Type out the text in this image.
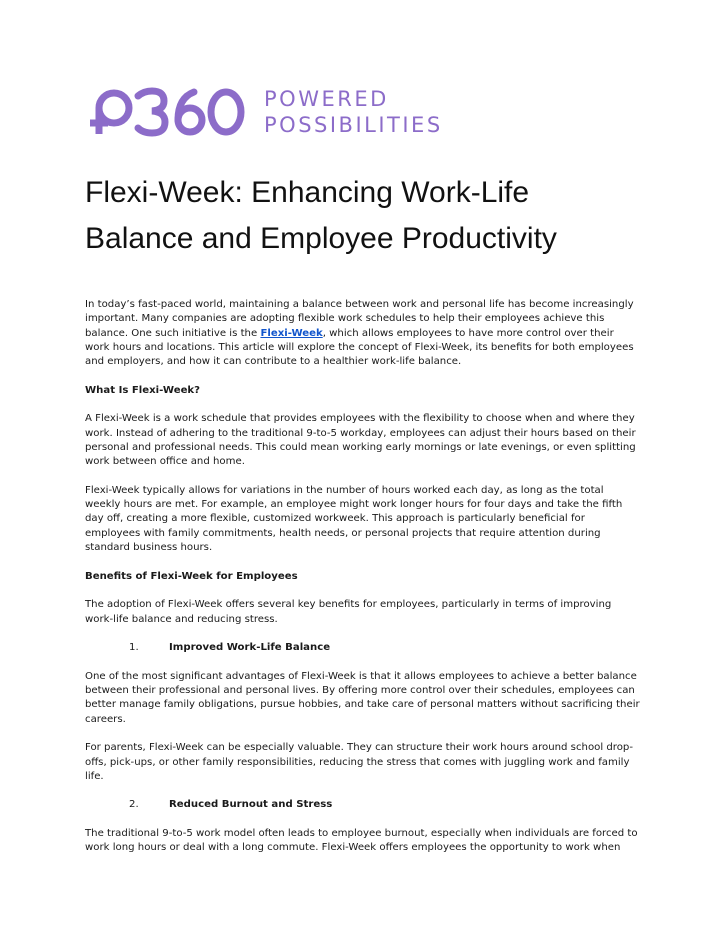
POWERED
POSSIBILITIES
Flexi-Week: Enhancing Work-Life Balance and Employee Productivity

In today’s fast-paced world, maintaining a balance between work and personal life has become increasingly important. Many companies are adopting flexible work schedules to help their employees achieve this balance. One such initiative is the Flexi-Week, which allows employees to have more control over their work hours and locations. This article will explore the concept of Flexi-Week, its benefits for both employees and employers, and how it can contribute to a healthier work-life balance.

What Is Flexi-Week?

A Flexi-Week is a work schedule that provides employees with the flexibility to choose when and where they work. Instead of adhering to the traditional 9-to-5 workday, employees can adjust their hours based on their personal and professional needs. This could mean working early mornings or late evenings, or even splitting work between office and home.

Flexi-Week typically allows for variations in the number of hours worked each day, as long as the total weekly hours are met. For example, an employee might work longer hours for four days and take the fifth day off, creating a more flexible, customized workweek. This approach is particularly beneficial for employees with family commitments, health needs, or personal projects that require attention during standard business hours.

Benefits of Flexi-Week for Employees

The adoption of Flexi-Week offers several key benefits for employees, particularly in terms of improving work-life balance and reducing stress.

1.	Improved Work-Life Balance

One of the most significant advantages of Flexi-Week is that it allows employees to achieve a better balance between their professional and personal lives. By offering more control over their schedules, employees can better manage family obligations, pursue hobbies, and take care of personal matters without sacrificing their careers.

For parents, Flexi-Week can be especially valuable. They can structure their work hours around school drop-offs, pick-ups, or other family responsibilities, reducing the stress that comes with juggling work and family life.

2.	Reduced Burnout and Stress

The traditional 9-to-5 work model often leads to employee burnout, especially when individuals are forced to work long hours or deal with a long commute. Flexi-Week offers employees the opportunity to work when
